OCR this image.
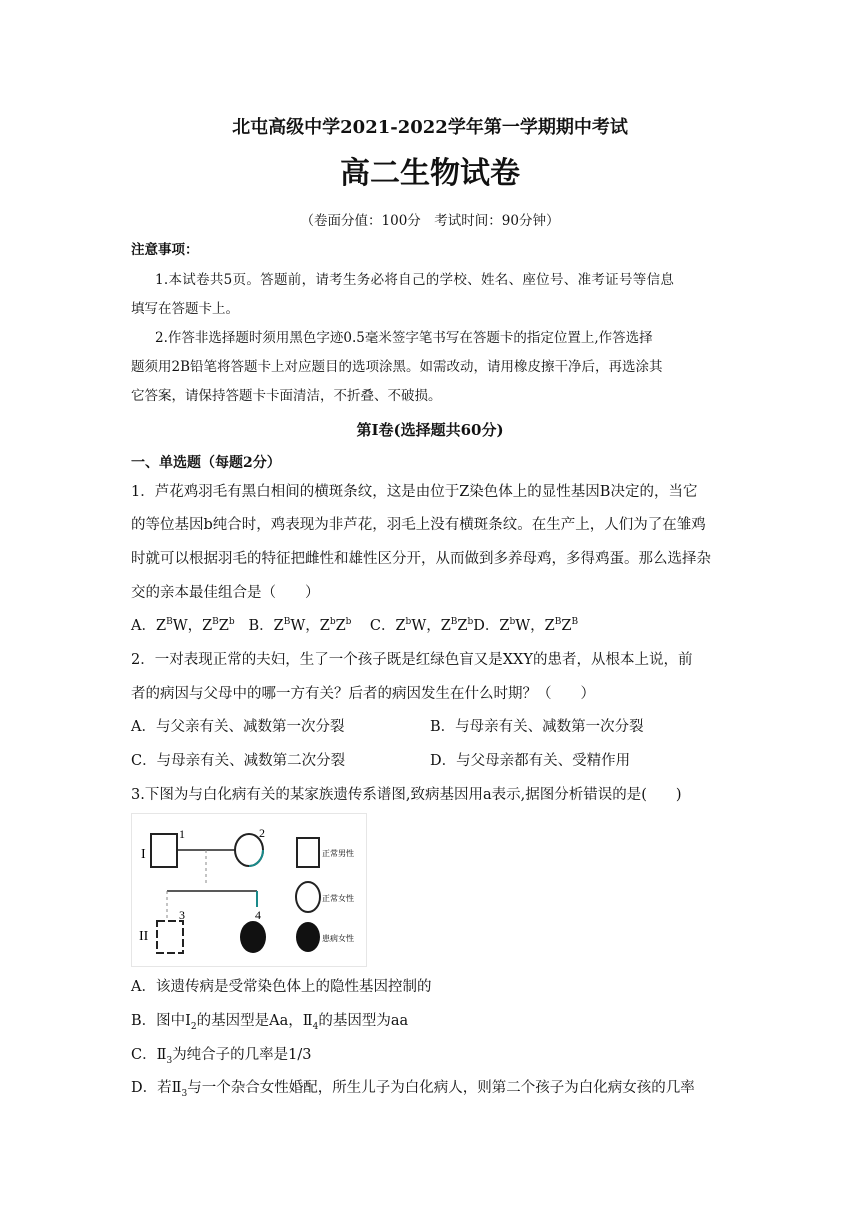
北屯高级中学2021-2022学年第一学期期中考试
高二生物试卷
（卷面分值：100分　考试时间：90分钟）
注意事项：
1.本试卷共5页。答题前，请考生务必将自己的学校、姓名、座位号、准考证号等信息
填写在答题卡上。
2.作答非选择题时须用黑色字迹0.5毫米签字笔书写在答题卡的指定位置上,作答选择
题须用2B铅笔将答题卡上对应题目的选项涂黑。如需改动，请用橡皮擦干净后，再选涂其
它答案，请保持答题卡卡面清洁，不折叠、不破损。
第Ⅰ卷(选择题共60分)
一、单选题（每题2分）
1．芦花鸡羽毛有黑白相间的横斑条纹，这是由位于Z染色体上的显性基因B决定的，当它
的等位基因b纯合时，鸡表现为非芦花，羽毛上没有横斑条纹。在生产上，人们为了在雏鸡
时就可以根据羽毛的特征把雌性和雄性区分开，从而做到多养母鸡，多得鸡蛋。那么选择杂
交的亲本最佳组合是（　　）
A．$Z^BW$，$Z^BZ^b$ B．$Z^BW$，$Z^bZ^b$ C．$Z^bW$，$Z^BZ^bD$．$Z^bW$，$Z^BZ^B$
2．一对表现正常的夫妇，生了一个孩子既是红绿色盲又是XXY的患者，从根本上说，前
者的病因与父母中的哪一方有关？后者的病因发生在什么时期？（　　）
A．与父亲有关、减数第一次分裂	B．与母亲有关、减数第一次分裂
C．与母亲有关、减数第二次分裂	D．与父母亲都有关、受精作用
3.下图为与白化病有关的某家族遗传系谱图,致病基因用a表示,据图分析错误的是(　　)
I
1	2
II
3	4
正常男性
正常女性
患病女性
A．该遗传病是受常染色体上的隐性基因控制的
B．图中$I_2$的基因型是Aa，$Ⅱ_4$的基因型为aa
C．$Ⅱ_3$为纯合子的几率是1/3
D．若$Ⅱ_3$与一个杂合女性婚配，所生儿子为白化病人，则第二个孩子为白化病女孩的几率
